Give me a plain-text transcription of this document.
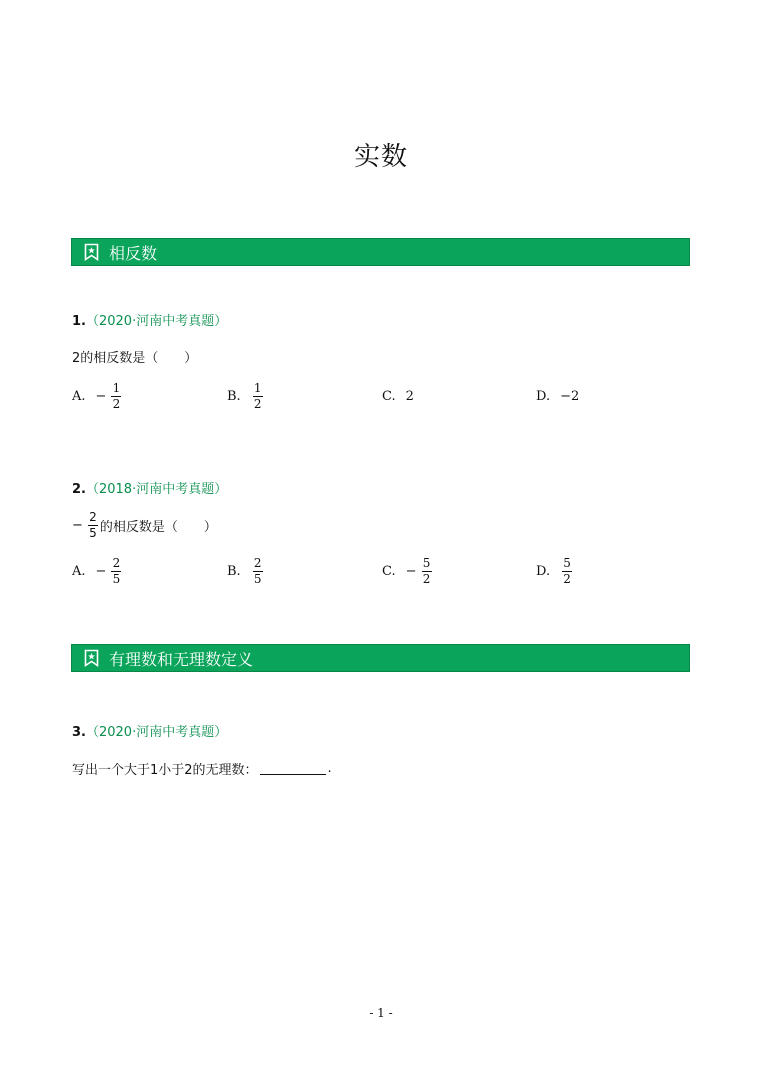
实数
相反数
1.（2020·河南中考真题）
2的相反数是（　　）
A. − $\frac{1}{2}$	B. $\frac{1}{2}$	C. 2	D. −2
2.（2018·河南中考真题）
− $\frac{2}{5}$ 的相反数是（　　）
A. − $\frac{2}{5}$	B. $\frac{2}{5}$	C. − $\frac{5}{2}$	D. $\frac{5}{2}$
有理数和无理数定义
3.（2020·河南中考真题）
写出一个大于1小于2的无理数：	.
- 1 -
